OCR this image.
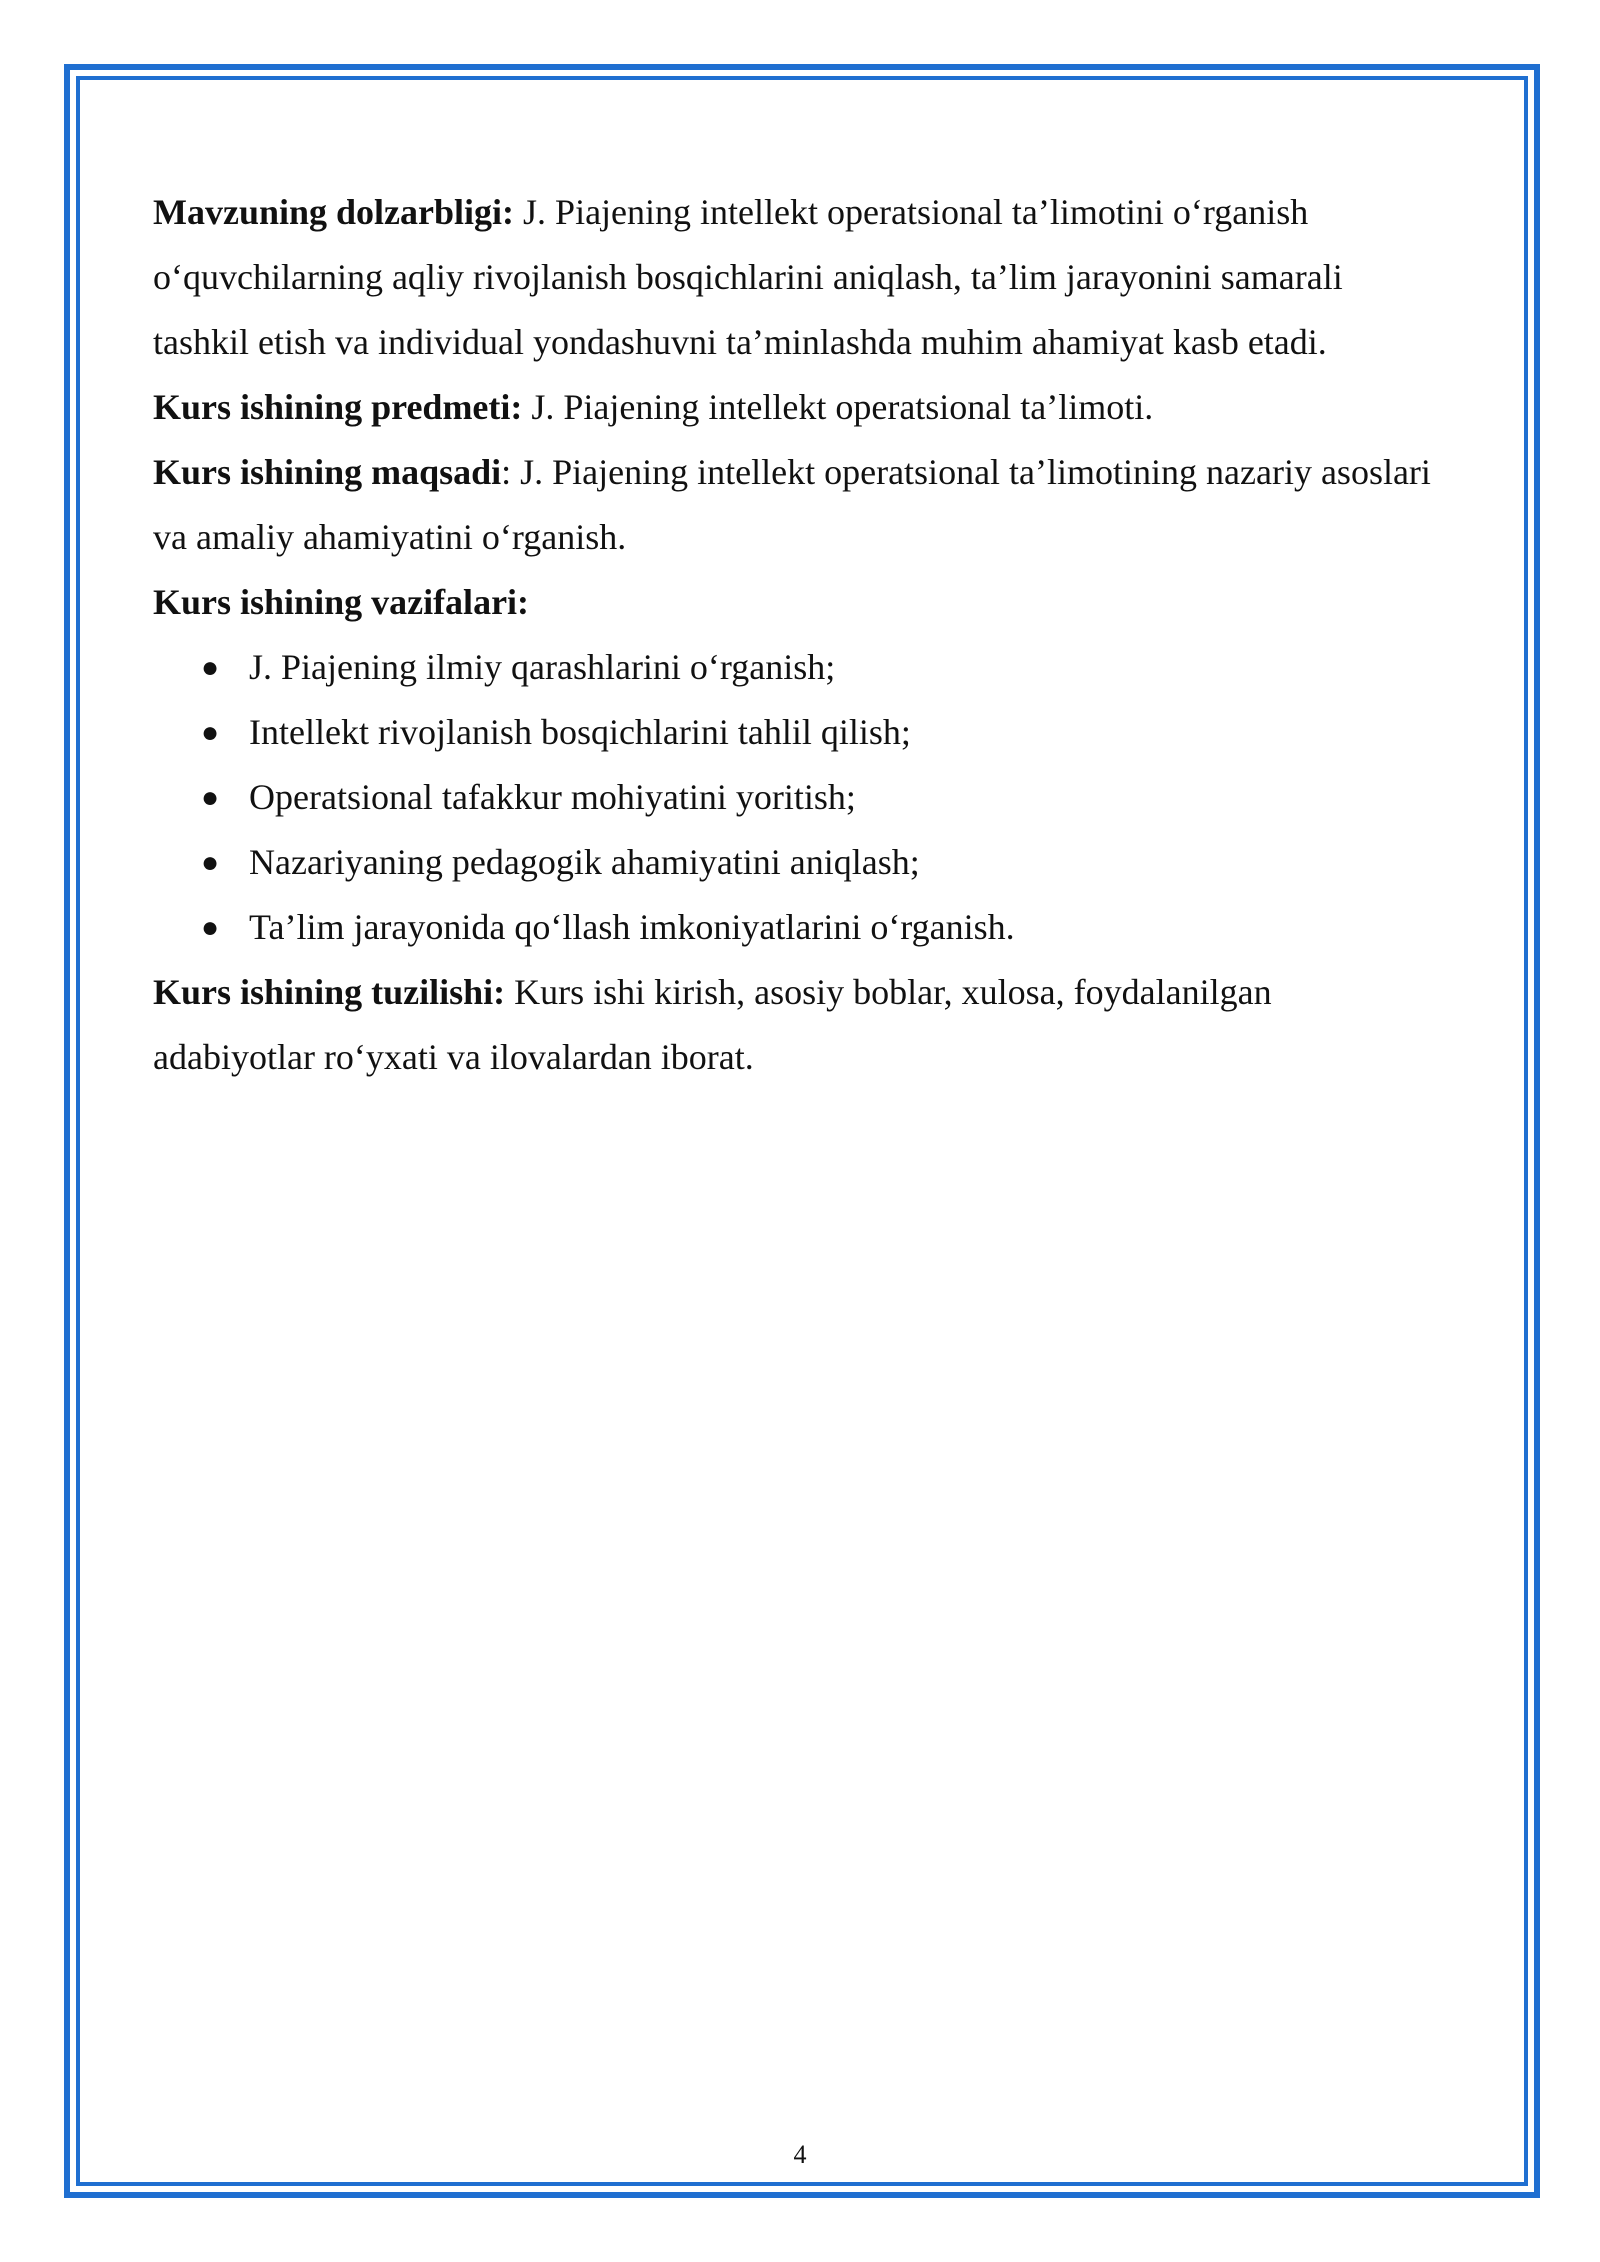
Mavzuning dolzarbligi: J. Piajening intellekt operatsional ta’limotini o‘rganish o‘quvchilarning aqliy rivojlanish bosqichlarini aniqlash, ta’lim jarayonini samarali tashkil etish va individual yondashuvni ta’minlashda muhim ahamiyat kasb etadi.

Kurs ishining predmeti: J. Piajening intellekt operatsional ta’limoti.

Kurs ishining maqsadi: J. Piajening intellekt operatsional ta’limotining nazariy asoslari va amaliy ahamiyatini o‘rganish.

Kurs ishining vazifalari:

● J. Piajening ilmiy qarashlarini o‘rganish;
● Intellekt rivojlanish bosqichlarini tahlil qilish;
● Operatsional tafakkur mohiyatini yoritish;
● Nazariyaning pedagogik ahamiyatini aniqlash;
● Ta’lim jarayonida qo‘llash imkoniyatlarini o‘rganish.

Kurs ishining tuzilishi: Kurs ishi kirish, asosiy boblar, xulosa, foydalanilgan adabiyotlar ro‘yxati va ilovalardan iborat.

4
